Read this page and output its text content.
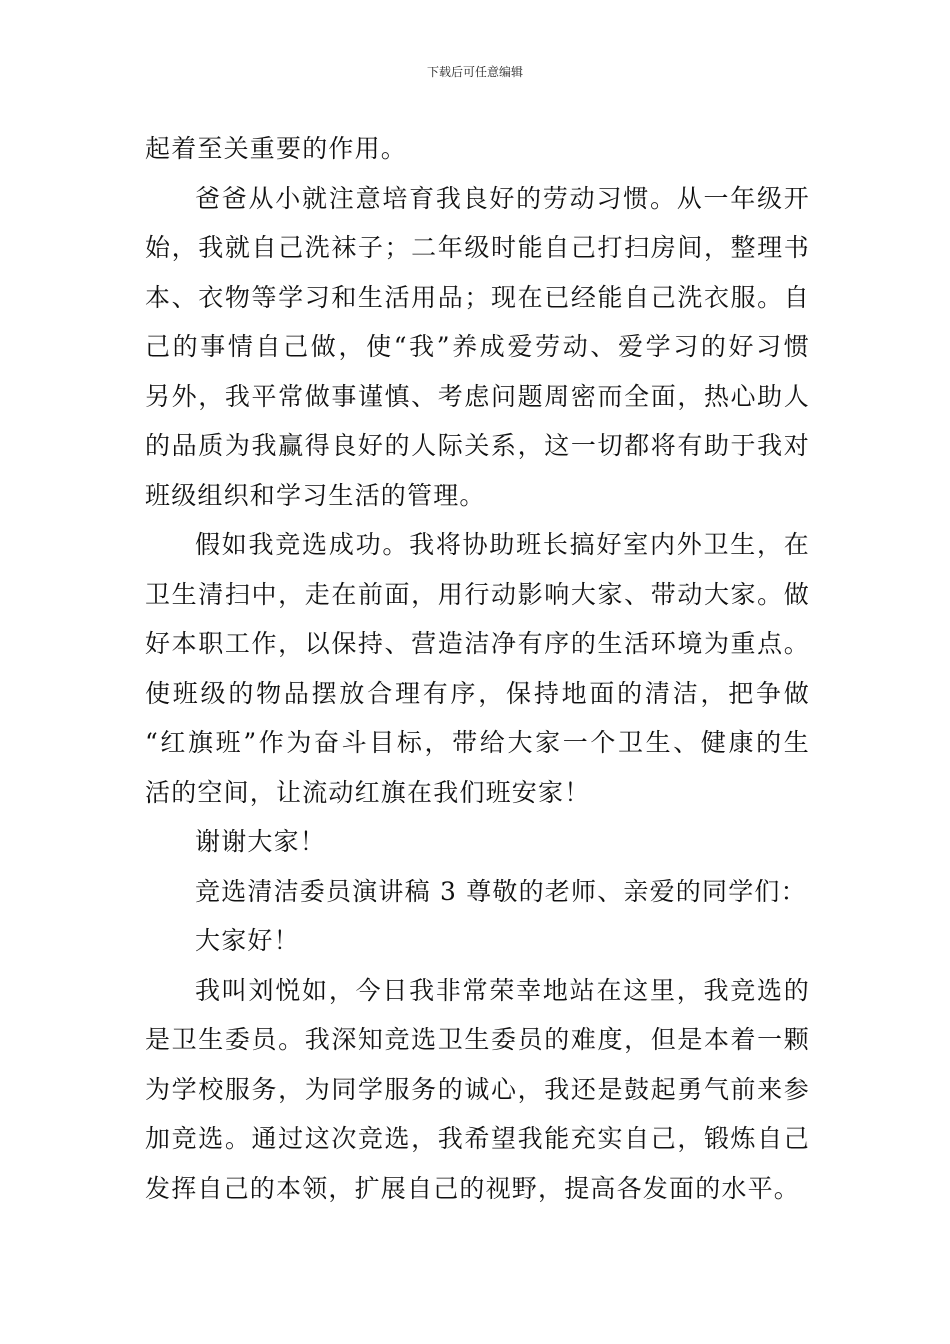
下载后可任意编辑
起着至关重要的作用。
爸爸从小就注意培育我良好的劳动习惯。从一年级开
始，我就自己洗袜子；二年级时能自己打扫房间，整理书
本、衣物等学习和生活用品；现在已经能自己洗衣服。自
己的事情自己做，使“我”养成爱劳动、爱学习的好习惯
另外，我平常做事谨慎、考虑问题周密而全面，热心助人
的品质为我赢得良好的人际关系，这一切都将有助于我对
班级组织和学习生活的管理。
假如我竞选成功。我将协助班长搞好室内外卫生，在
卫生清扫中，走在前面，用行动影响大家、带动大家。做
好本职工作，以保持、营造洁净有序的生活环境为重点。
使班级的物品摆放合理有序，保持地面的清洁，把争做
“红旗班”作为奋斗目标，带给大家一个卫生、健康的生
活的空间，让流动红旗在我们班安家！
谢谢大家！
竞选清洁委员演讲稿 3 尊敬的老师、亲爱的同学们：
大家好！
我叫刘悦如，今日我非常荣幸地站在这里，我竞选的
是卫生委员。我深知竞选卫生委员的难度，但是本着一颗
为学校服务，为同学服务的诚心，我还是鼓起勇气前来参
加竞选。通过这次竞选，我希望我能充实自己，锻炼自己
发挥自己的本领，扩展自己的视野，提高各发面的水平。
